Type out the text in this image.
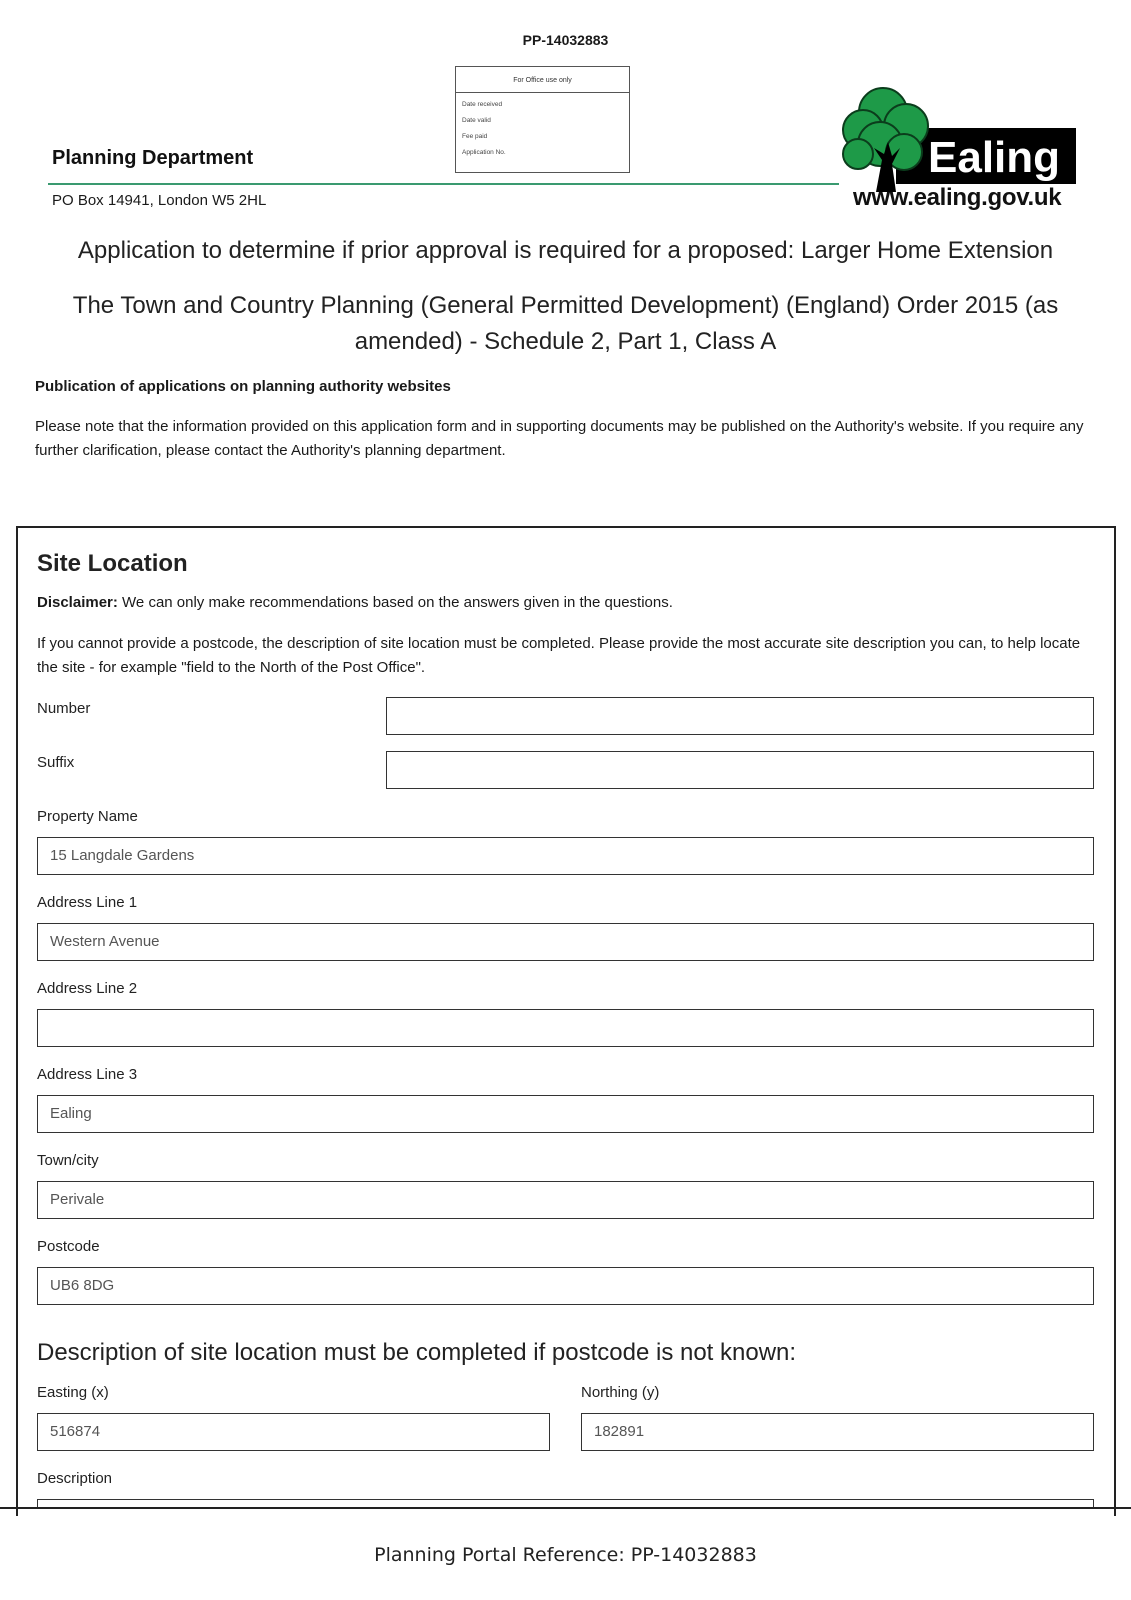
PP-14032883
For Office use only
Date received
Date valid
Fee paid
Application No.
Planning Department
PO Box 14941, London W5 2HL
Ealing
www.ealing.gov.uk
Application to determine if prior approval is required for a proposed: Larger Home Extension
The Town and Country Planning (General Permitted Development) (England) Order 2015 (as amended) - Schedule 2, Part 1, Class A
Publication of applications on planning authority websites
Please note that the information provided on this application form and in supporting documents may be published on the Authority's website. If you require any further clarification, please contact the Authority's planning department.
Site Location
Disclaimer: We can only make recommendations based on the answers given in the questions.
If you cannot provide a postcode, the description of site location must be completed. Please provide the most accurate site description you can, to help locate the site - for example "field to the North of the Post Office".
Number
Suffix
Property Name
15 Langdale Gardens
Address Line 1
Western Avenue
Address Line 2
Address Line 3
Ealing
Town/city
Perivale
Postcode
UB6 8DG
Description of site location must be completed if postcode is not known:
Easting (x)
516874
Northing (y)
182891
Description
Planning Portal Reference: PP-14032883
